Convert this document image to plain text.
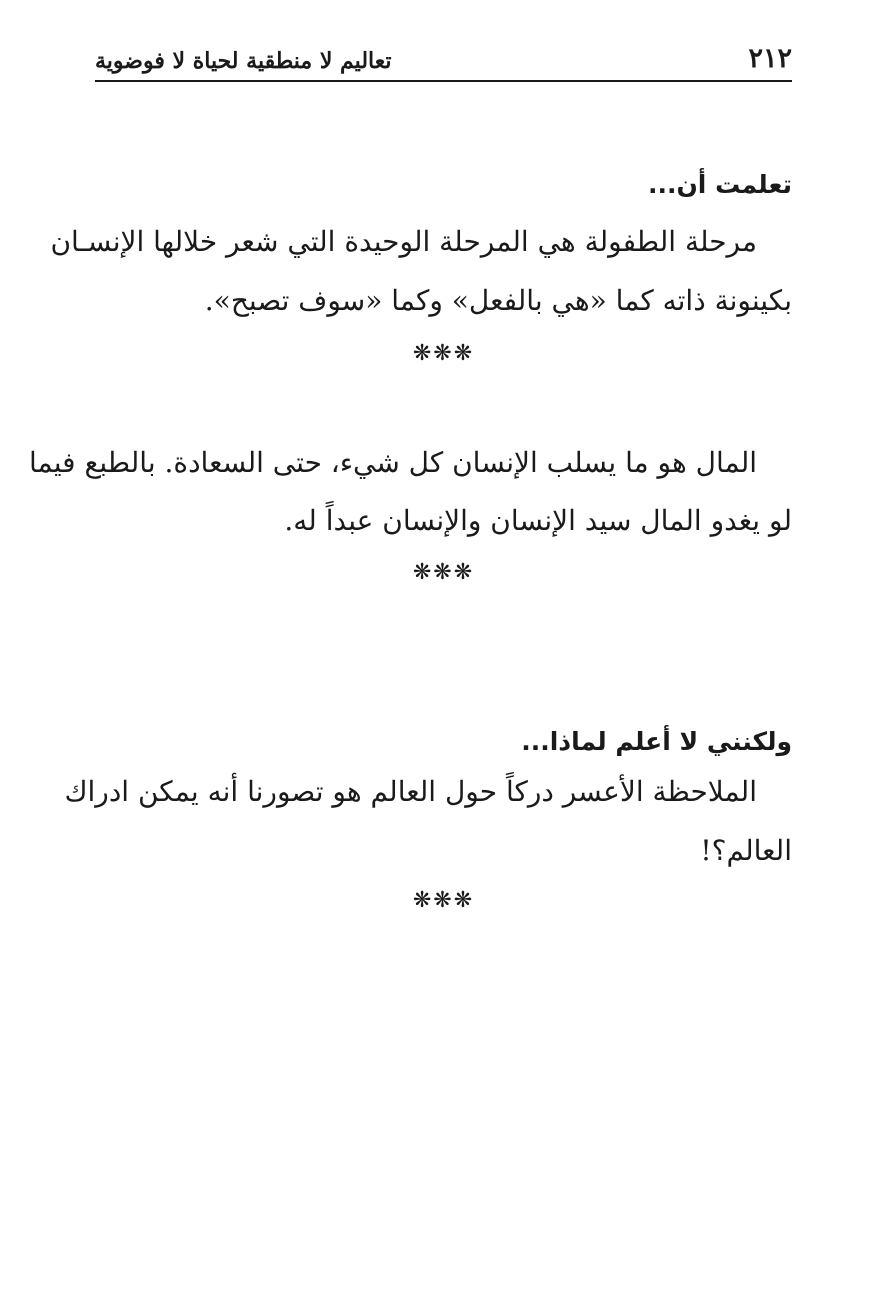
٢١٢
تعاليم لا منطقية لحياة لا فوضوية
تعلمت أن...
مرحلة الطفولة هي المرحلة الوحيدة التي شعر خلالها الإنسـان
بكينونة ذاته كما «هي بالفعل» وكما «سوف تصبح».
❋❋❋
المال هو ما يسلب الإنسان كل شيء، حتى السعادة. بالطبع فيما
لو يغدو المال سيد الإنسان والإنسان عبداً له.
❋❋❋
ولكنني لا أعلم لماذا...
الملاحظة الأعسر دركاً حول العالم هو تصورنا أنه يمكن ادراك
العالم؟!
❋❋❋
